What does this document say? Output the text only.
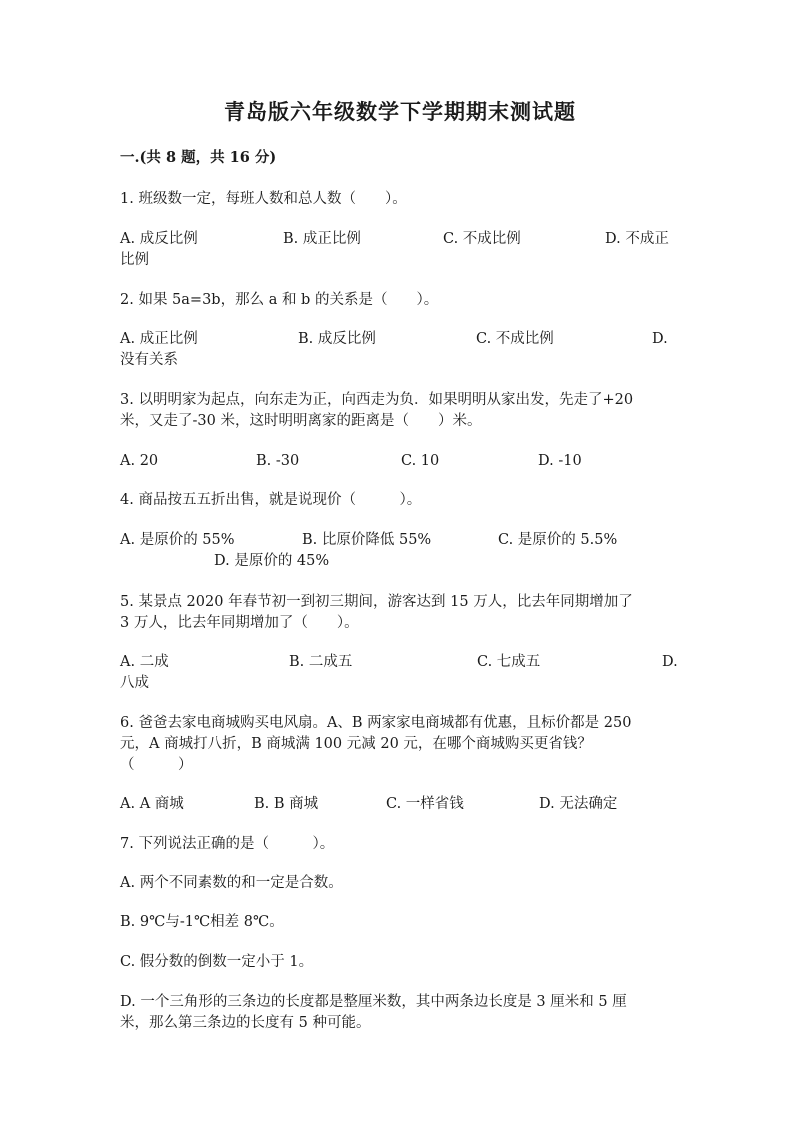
青岛版六年级数学下学期期末测试题
一.(共 8 题，共 16 分)
1. 班级数一定，每班人数和总人数（　　）。
A. 成反比例	B. 成正比例	C. 不成比例	D. 不成正
比例
2. 如果 5a=3b，那么 a 和 b 的关系是（　　）。
A. 成正比例	B. 成反比例	C. 不成比例	D.
没有关系
3. 以明明家为起点，向东走为正，向西走为负．如果明明从家出发，先走了+20
米，又走了-30 米，这时明明离家的距离是（　　）米。
A. 20	B. -30	C. 10	D. -10
4. 商品按五五折出售，就是说现价（　　　）。
A. 是原价的 55%	B. 比原价降低 55%	C. 是原价的 5.5%
D. 是原价的 45%
5. 某景点 2020 年春节初一到初三期间，游客达到 15 万人，比去年同期增加了
3 万人，比去年同期增加了（　　）。
A. 二成	B. 二成五	C. 七成五	D.
八成
6. 爸爸去家电商城购买电风扇。A、B 两家家电商城都有优惠，且标价都是 250
元，A 商城打八折，B 商城满 100 元减 20 元，在哪个商城购买更省钱？
（　　　）
A. A 商城	B. B 商城	C. 一样省钱	D. 无法确定
7. 下列说法正确的是（　　　）。
A. 两个不同素数的和一定是合数。
B. 9℃与-1℃相差 8℃。
C. 假分数的倒数一定小于 1。
D. 一个三角形的三条边的长度都是整厘米数，其中两条边长度是 3 厘米和 5 厘
米，那么第三条边的长度有 5 种可能。
